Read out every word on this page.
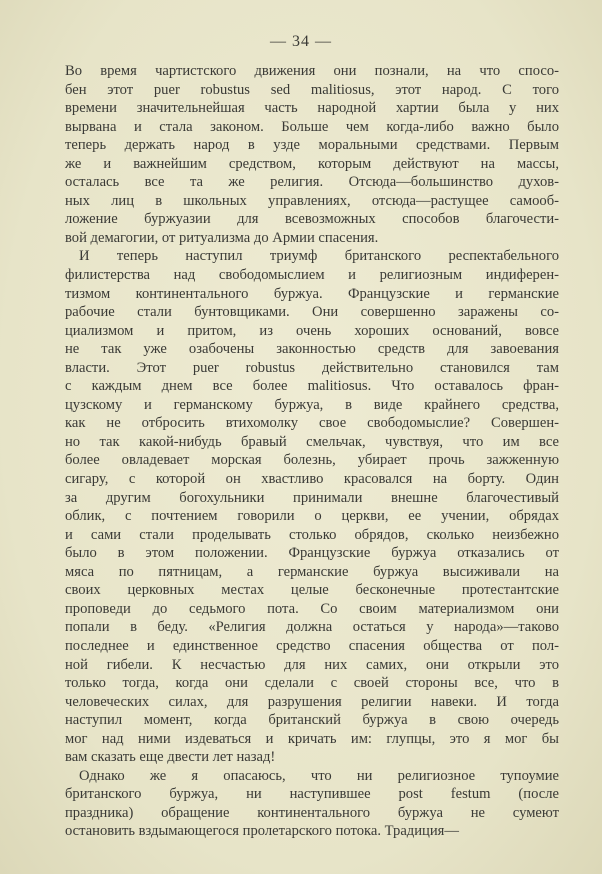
— 34 —
Во время чартистского движения они познали, на что спосо-
бен этот puer robustus sed malitiosus, этот народ. С того
времени значительнейшая часть народной хартии была у них
вырвана и стала законом. Больше чем когда-либо важно было
теперь держать народ в узде моральными средствами. Первым
же и важнейшим средством, которым действуют на массы,
осталась все та же религия. Отсюда—большинство духов-
ных лиц в школьных управлениях, отсюда—растущее самооб-
ложение буржуазии для всевозможных способов благочести-
вой демагогии, от ритуализма до Армии спасения.
И теперь наступил триумф британского респектабельного
филистерства над свободомыслием и религиозным индиферен-
тизмом континентального буржуа. Французские и германские
рабочие стали бунтовщиками. Они совершенно заражены со-
циализмом и притом, из очень хороших оснований, вовсе
не так уже озабочены законностью средств для завоевания
власти. Этот puer robustus действительно становился там
с каждым днем все более malitiosus. Что оставалось фран-
цузскому и германскому буржуа, в виде крайнего средства,
как не отбросить втихомолку свое свободомыслие? Совершен-
но так какой-нибудь бравый смельчак, чувствуя, что им все
более овладевает морская болезнь, убирает прочь зажженную
сигару, с которой он хвастливо красовался на борту. Один
за другим богохульники принимали внешне благочестивый
облик, с почтением говорили о церкви, ее учении, обрядах
и сами стали проделывать столько обрядов, сколько неизбежно
было в этом положении. Французские буржуа отказались от
мяса по пятницам, а германские буржуа высиживали на
своих церковных местах целые бесконечные протестантские
проповеди до седьмого пота. Со своим материализмом они
попали в беду. «Религия должна остаться у народа»—таково
последнее и единственное средство спасения общества от пол-
ной гибели. К несчастью для них самих, они открыли это
только тогда, когда они сделали с своей стороны все, что в
человеческих силах, для разрушения религии навеки. И тогда
наступил момент, когда британский буржуа в свою очередь
мог над ними издеваться и кричать им: глупцы, это я мог бы
вам сказать еще двести лет назад!
Однако же я опасаюсь, что ни религиозное тупоумие
британского буржуа, ни наступившее post festum (после
праздника) обращение континентального буржуа не сумеют
остановить вздымающегося пролетарского потока. Традиция—
